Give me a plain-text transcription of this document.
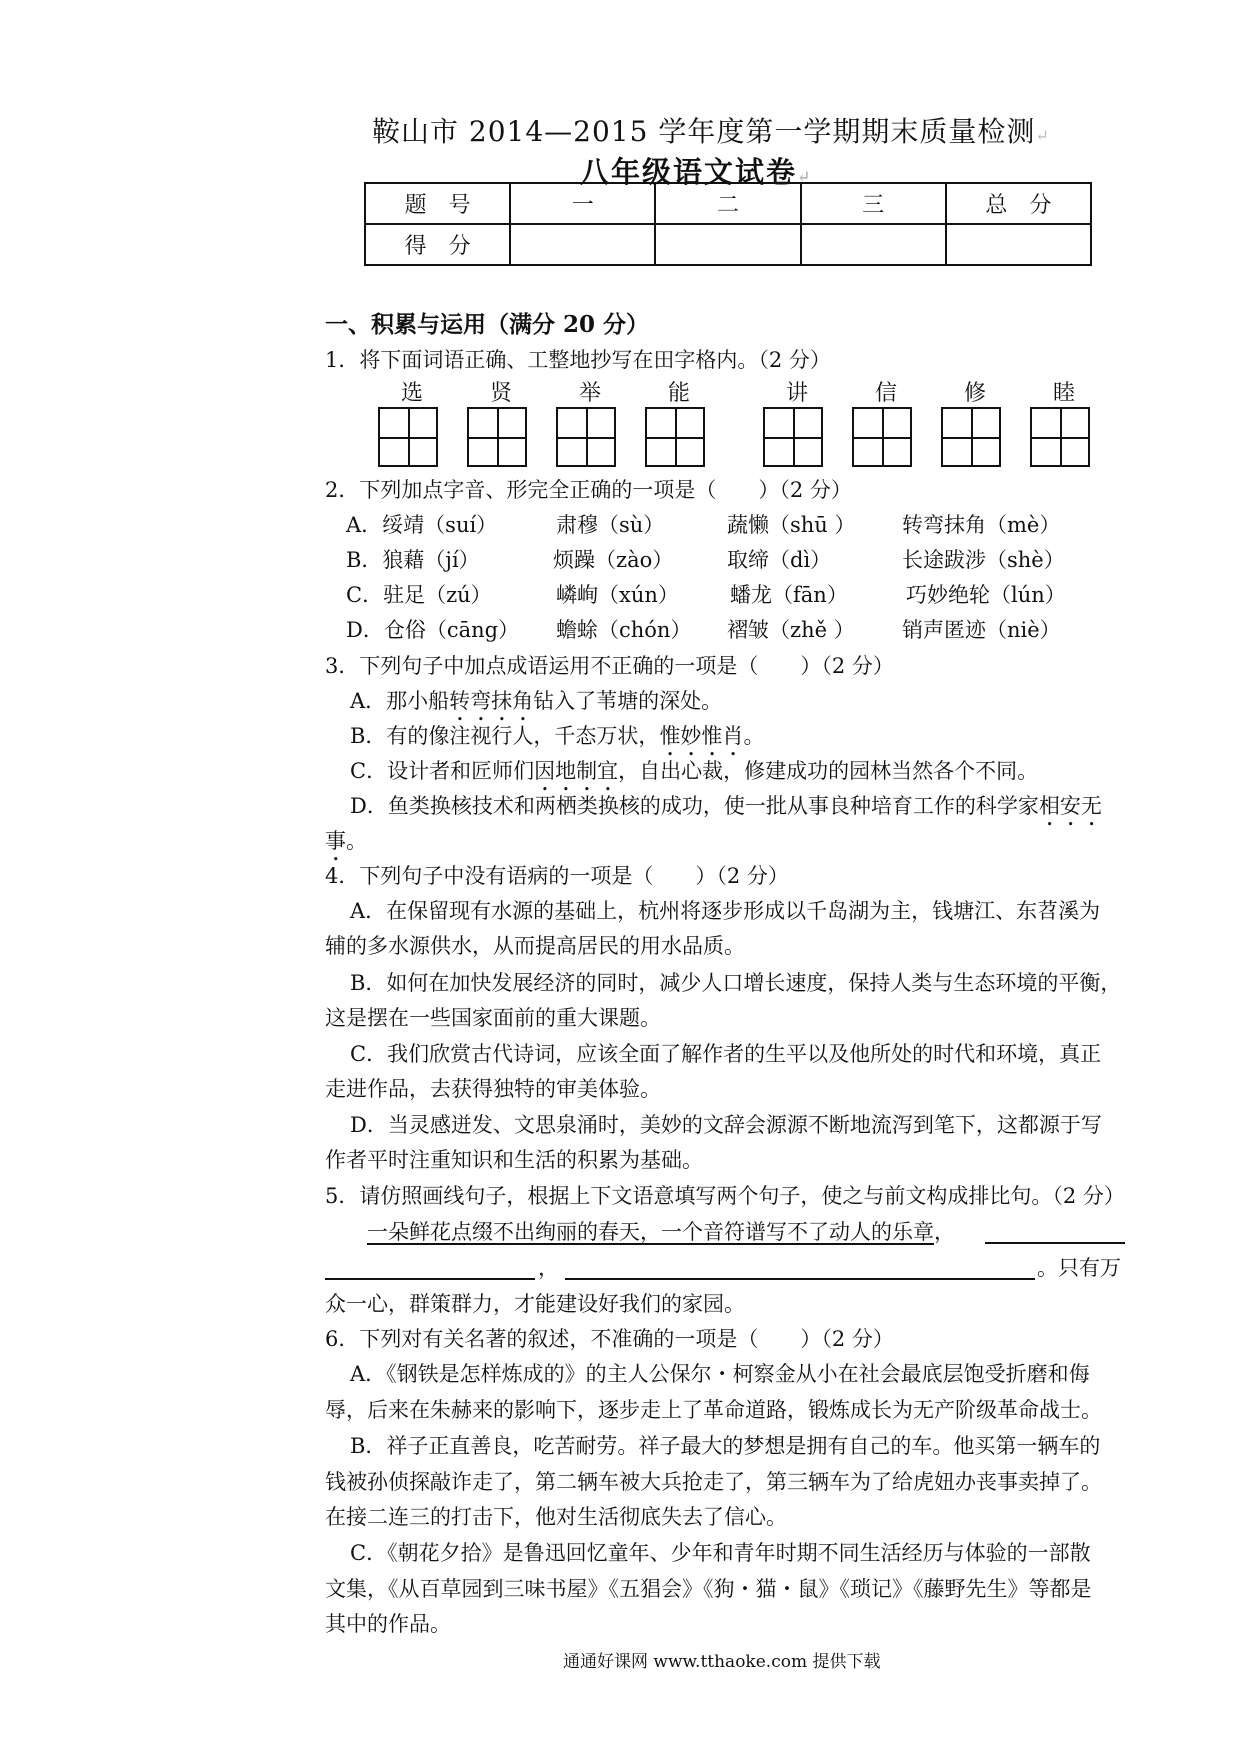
鞍山市 2014—2015 学年度第一学期期末质量检测↵
八年级语文试卷↵
题　号	一	二	三	总　分
得　分				
一、积累与运用（满分 20 分）
1．将下面词语正确、工整地抄写在田字格内。（2 分）
选	贤	举	能	讲	信	修	睦
2．下列加点字音、形完全正确的一项是（　　）（2 分）
A．绥靖（suí）	肃穆（sù）	蔬懒（shū ） 转弯抹角（mè）
B．狼藉（jí）	烦躁（zào）	取缔（dì）	长途跋涉（shè）
C．驻足（zú）	嶙峋（xún） 蟠龙（fān）	巧妙绝轮（lún）
D．仓俗（cāng） 蟾蜍（chón） 褶皱（zhě ） 销声匿迹（niè）
3．下列句子中加点成语运用不正确的一项是（　　）（2 分）
A．那小船转弯抹角钻入了苇塘的深处。
B．有的像注视行人，千态万状，惟妙惟肖。
C．设计者和匠师们因地制宜，自出心裁，修建成功的园林当然各个不同。
D．鱼类换核技术和两栖类换核的成功，使一批从事良种培育工作的科学家相安无
事。
4．下列句子中没有语病的一项是（　　）（2 分）
A．在保留现有水源的基础上，杭州将逐步形成以千岛湖为主，钱塘江、东苕溪为
辅的多水源供水，从而提高居民的用水品质。
B．如何在加快发展经济的同时，减少人口增长速度，保持人类与生态环境的平衡，
这是摆在一些国家面前的重大课题。
C．我们欣赏古代诗词，应该全面了解作者的生平以及他所处的时代和环境，真正
走进作品，去获得独特的审美体验。
D．当灵感迸发、文思泉涌时，美妙的文辞会源源不断地流泻到笔下，这都源于写
作者平时注重知识和生活的积累为基础。
5．请仿照画线句子，根据上下文语意填写两个句子，使之与前文构成排比句。（2 分）
一朵鲜花点缀不出绚丽的春天，一个音符谱写不了动人的乐章，
，	。只有万
众一心，群策群力，才能建设好我们的家园。
6．下列对有关名著的叙述，不准确的一项是（　　）（2 分）
A．《钢铁是怎样炼成的》的主人公保尔・柯察金从小在社会最底层饱受折磨和侮
辱，后来在朱赫来的影响下，逐步走上了革命道路，锻炼成长为无产阶级革命战士。
B．祥子正直善良，吃苦耐劳。祥子最大的梦想是拥有自己的车。他买第一辆车的
钱被孙侦探敲诈走了，第二辆车被大兵抢走了，第三辆车为了给虎妞办丧事卖掉了。
在接二连三的打击下，他对生活彻底失去了信心。
C．《朝花夕拾》是鲁迅回忆童年、少年和青年时期不同生活经历与体验的一部散
文集，《从百草园到三味书屋》《五猖会》《狗・猫・鼠》《琐记》《藤野先生》等都是
其中的作品。
通通好课网 www.tthaoke.com 提供下载
